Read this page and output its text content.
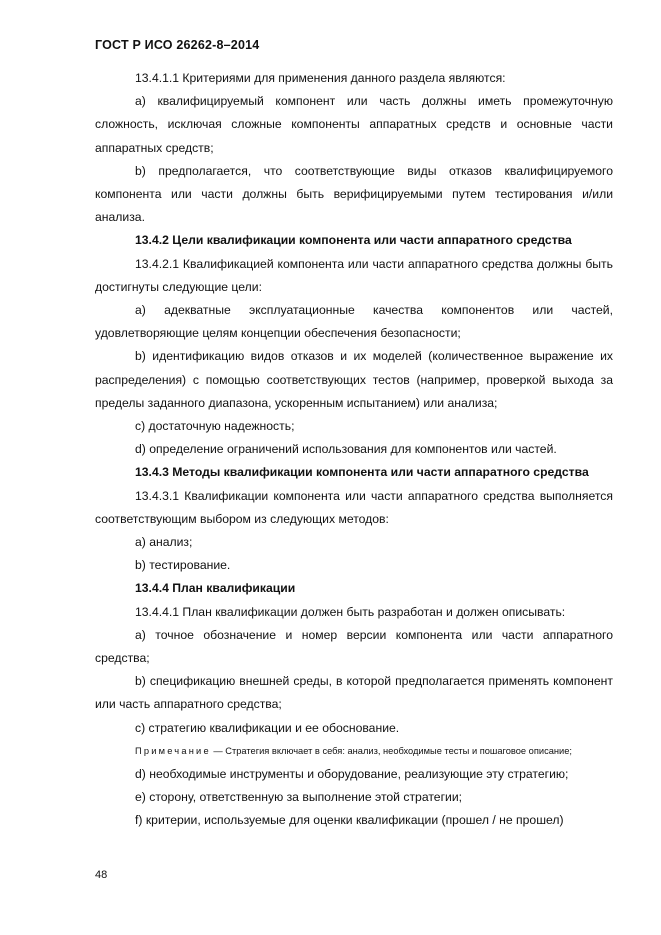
ГОСТ Р ИСО 26262-8–2014

13.4.1.1 Критериями для применения данного раздела являются:

a) квалифицируемый компонент или часть должны иметь промежуточную сложность, исключая сложные компоненты аппаратных средств и основные части аппаратных средств;

b) предполагается, что соответствующие виды отказов квалифицируемого компонента или части должны быть верифицируемыми путем тестирования и/или анализа.

13.4.2 Цели квалификации компонента или части аппаратного средства

13.4.2.1 Квалификацией компонента или части аппаратного средства должны быть достигнуты следующие цели:

a) адекватные эксплуатационные качества компонентов или частей, удовлетворяющие целям концепции обеспечения безопасности;

b) идентификацию видов отказов и их моделей (количественное выражение их распределения) с помощью соответствующих тестов (например, проверкой выхода за пределы заданного диапазона, ускоренным испытанием) или анализа;

c) достаточную надежность;

d) определение ограничений использования для компонентов или частей.

13.4.3 Методы квалификации компонента или части аппаратного средства

13.4.3.1 Квалификации компонента или части аппаратного средства выполняется соответствующим выбором из следующих методов:

a) анализ;

b) тестирование.

13.4.4 План квалификации

13.4.4.1 План квалификации должен быть разработан и должен описывать:

a) точное обозначение и номер версии компонента или части аппаратного средства;

b) спецификацию внешней среды, в которой предполагается применять компонент или часть аппаратного средства;

c) стратегию квалификации и ее обоснование.

Примечание — Стратегия включает в себя: анализ, необходимые тесты и пошаговое описание;

d) необходимые инструменты и оборудование, реализующие эту стратегию;

e) сторону, ответственную за выполнение этой стратегии;

f) критерии, используемые для оценки квалификации (прошел / не прошел)

48
